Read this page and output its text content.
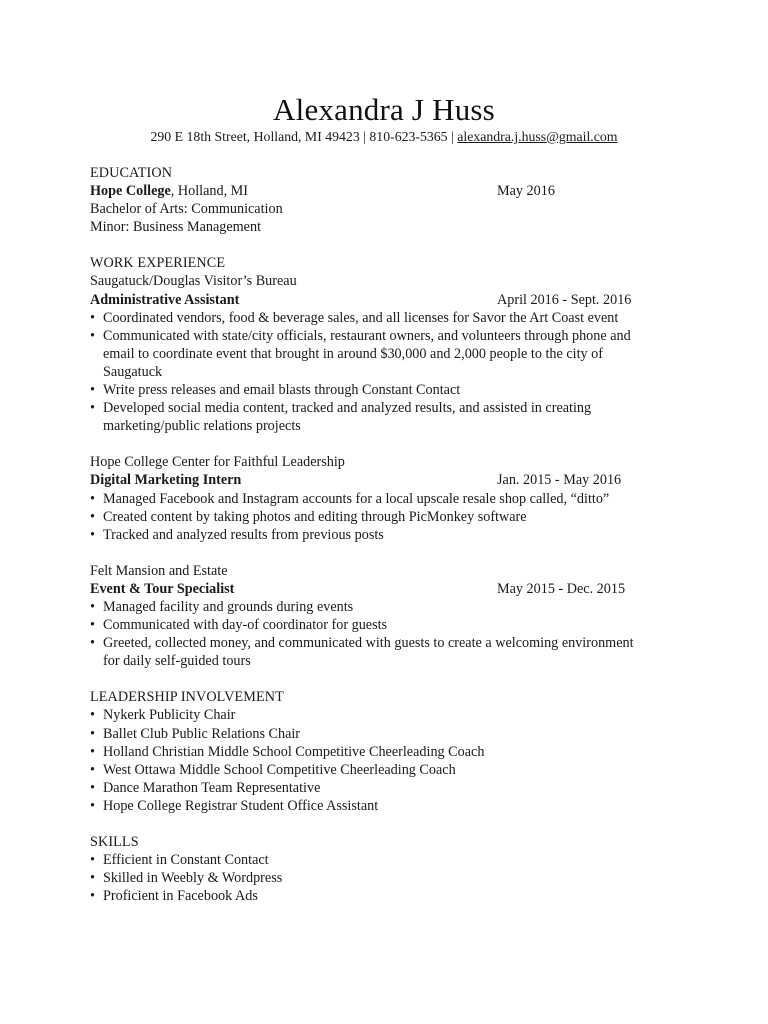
Alexandra J Huss
290 E 18th Street, Holland, MI 49423 | 810-623-5365 | alexandra.j.huss@gmail.com
EDUCATION
Hope College, Holland, MI	May 2016
Bachelor of Arts: Communication
Minor: Business Management
WORK EXPERIENCE
Saugatuck/Douglas Visitor’s Bureau
Administrative Assistant	April 2016 - Sept. 2016
• Coordinated vendors, food & beverage sales, and all licenses for Savor the Art Coast event
• Communicated with state/city officials, restaurant owners, and volunteers through phone and
email to coordinate event that brought in around $30,000 and 2,000 people to the city of
Saugatuck
• Write press releases and email blasts through Constant Contact
• Developed social media content, tracked and analyzed results, and assisted in creating
marketing/public relations projects
Hope College Center for Faithful Leadership
Digital Marketing Intern	Jan. 2015 - May 2016
• Managed Facebook and Instagram accounts for a local upscale resale shop called, “ditto”
• Created content by taking photos and editing through PicMonkey software
• Tracked and analyzed results from previous posts
Felt Mansion and Estate
Event & Tour Specialist	May 2015 - Dec. 2015
• Managed facility and grounds during events
• Communicated with day-of coordinator for guests
• Greeted, collected money, and communicated with guests to create a welcoming environment
for daily self-guided tours
LEADERSHIP INVOLVEMENT
• Nykerk Publicity Chair
• Ballet Club Public Relations Chair
• Holland Christian Middle School Competitive Cheerleading Coach
• West Ottawa Middle School Competitive Cheerleading Coach
• Dance Marathon Team Representative
• Hope College Registrar Student Office Assistant
SKILLS
• Efficient in Constant Contact
• Skilled in Weebly & Wordpress
• Proficient in Facebook Ads
